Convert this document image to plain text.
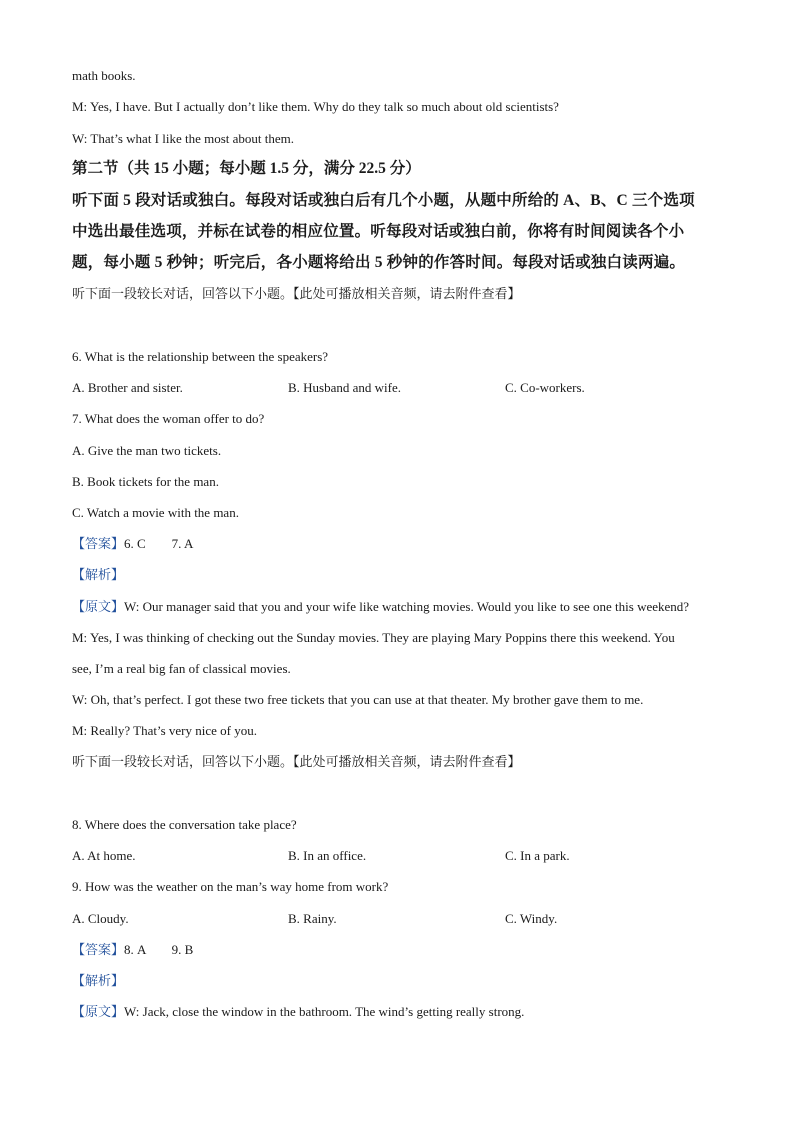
math books.
M: Yes, I have. But I actually don’t like them. Why do they talk so much about old scientists?
W: That’s what I like the most about them.
第二节（共 15 小题；每小题 1.5 分，满分 22.5 分）
听下面 5 段对话或独白。每段对话或独白后有几个小题，从题中所给的 A、B、C 三个选项
中选出最佳选项，并标在试卷的相应位置。听每段对话或独白前，你将有时间阅读各个小
题，每小题 5 秒钟；听完后，各小题将给出 5 秒钟的作答时间。每段对话或独白读两遍。
听下面一段较长对话，回答以下小题。【此处可播放相关音频，请去附件查看】
6. What is the relationship between the speakers?
A. Brother and sister.	B. Husband and wife.	C. Co-workers.
7. What does the woman offer to do?
A. Give the man two tickets.
B. Book tickets for the man.
C. Watch a movie with the man.
【答案】6. C        7. A
【解析】
【原文】W: Our manager said that you and your wife like watching movies. Would you like to see one this weekend?
M: Yes, I was thinking of checking out the Sunday movies. They are playing Mary Poppins there this weekend. You
see, I’m a real big fan of classical movies.
W: Oh, that’s perfect. I got these two free tickets that you can use at that theater. My brother gave them to me.
M: Really? That’s very nice of you.
听下面一段较长对话，回答以下小题。【此处可播放相关音频，请去附件查看】
8. Where does the conversation take place?
A. At home.	B. In an office.	C. In a park.
9. How was the weather on the man’s way home from work?
A. Cloudy.	B. Rainy.	C. Windy.
【答案】8. A        9. B
【解析】
【原文】W: Jack, close the window in the bathroom. The wind’s getting really strong.
